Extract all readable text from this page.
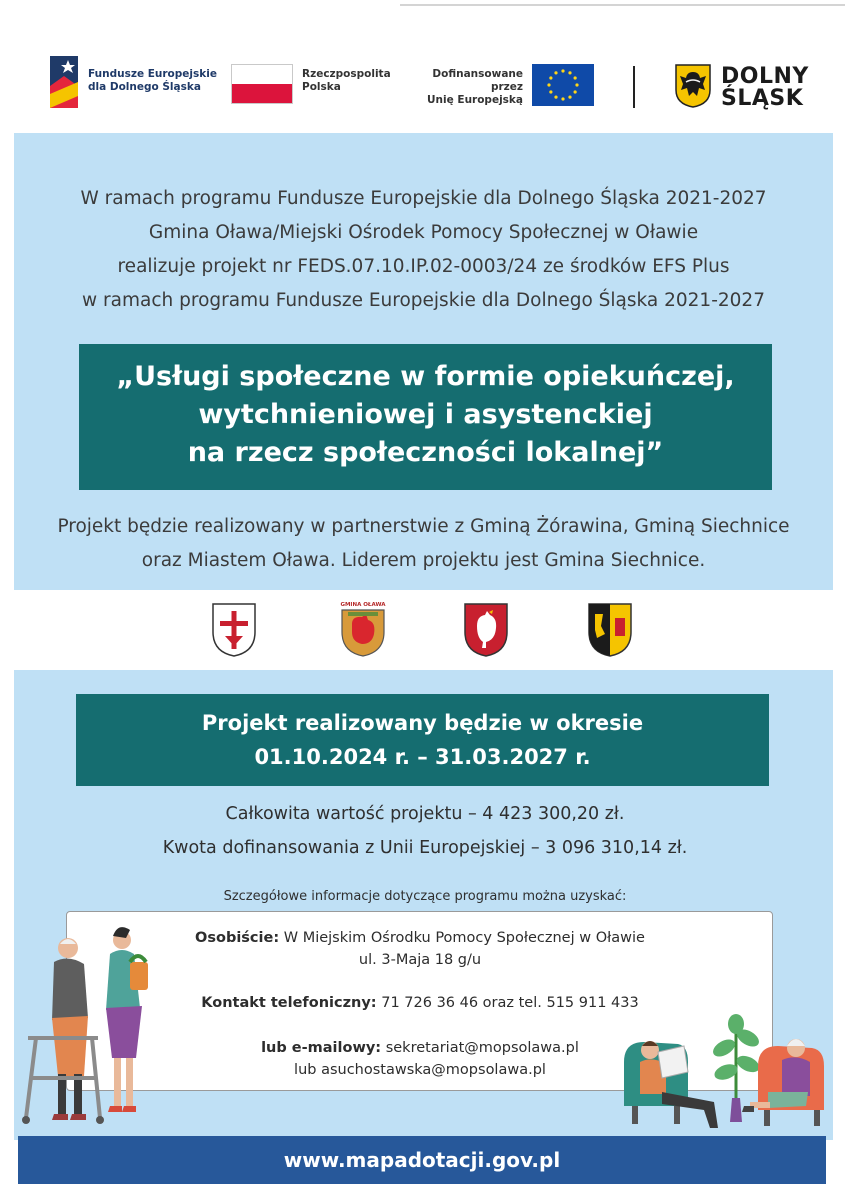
Fundusze Europejskie
dla Dolnego Śląska
Rzeczpospolita
Polska
Dofinansowane przez
Unię Europejską
DOLNY
ŚLĄSK
W ramach programu Fundusze Europejskie dla Dolnego Śląska 2021-2027
Gmina Oława/Miejski Ośrodek Pomocy Społecznej w Oławie
realizuje projekt nr FEDS.07.10.IP.02-0003/24 ze środków EFS Plus
w ramach programu Fundusze Europejskie dla Dolnego Śląska 2021-2027
„Usługi społeczne w formie opiekuńczej,
wytchnieniowej i asystenckiej
na rzecz społeczności lokalnej”
Projekt będzie realizowany w partnerstwie z Gminą Żórawina, Gminą Siechnice
oraz Miastem Oława. Liderem projektu jest Gmina Siechnice.
GMINA OŁAWA
Projekt realizowany będzie w okresie
01.10.2024 r. – 31.03.2027 r.
Całkowita wartość projektu – 4 423 300,20 zł.
Kwota dofinansowania z Unii Europejskiej – 3 096 310,14 zł.
Szczegółowe informacje dotyczące programu można uzyskać:
Osobiście: W Miejskim Ośrodku Pomocy Społecznej w Oławie
ul. 3-Maja 18 g/u
Kontakt telefoniczny: 71 726 36 46 oraz tel. 515 911 433
lub e-mailowy: sekretariat@mopsolawa.pl
lub asuchostawska@mopsolawa.pl
www.mapadotacji.gov.pl
